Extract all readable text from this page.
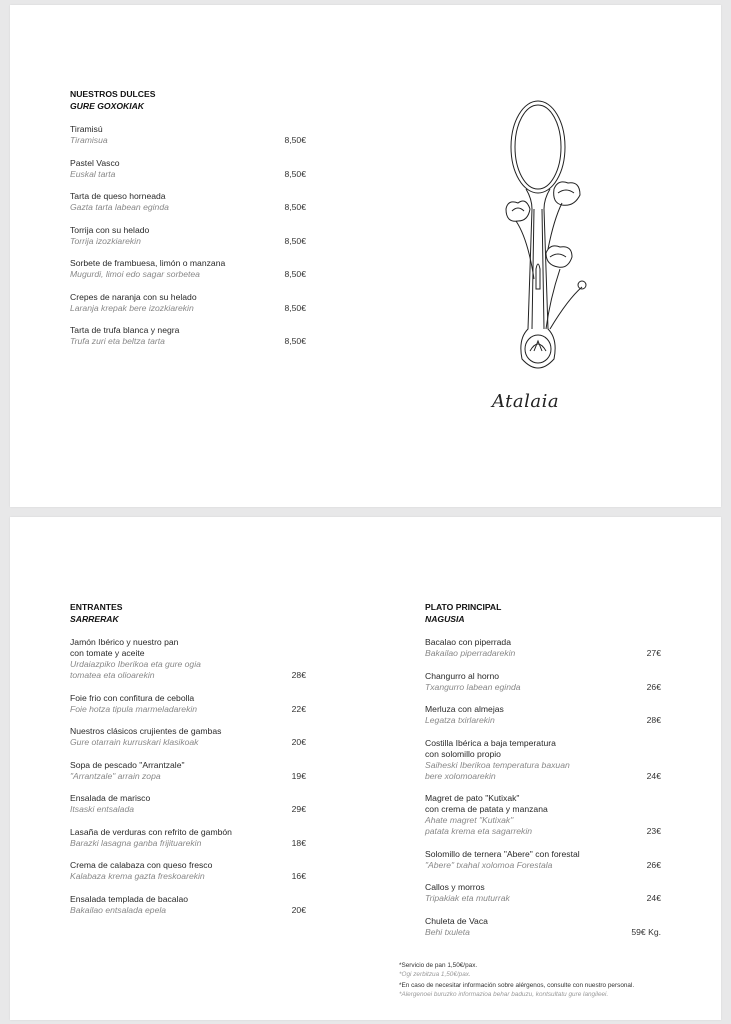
NUESTROS DULCES
GURE GOXOKIAK
Tiramisú
Tiramisua	8,50€
Pastel Vasco
Euskal tarta	8,50€
Tarta de queso horneada
Gazta tarta labean egindа	8,50€
Torrija con su helado
Torrija izozkiarekin	8,50€
Sorbete de frambuesa, limón o manzana
Mugurdi, limoi edo sagar sorbetea	8,50€
Crepes de naranja con su helado
Laranja krepak bere izozkiarekin	8,50€
Tarta de trufa blanca y negra
Trufa zuri eta beltza tarta	8,50€
Atalaia
ENTRANTES
SARRERAK
Jamón Ibérico y nuestro pan
con tomate y aceite
Urdaiazpiko Iberikoa eta gure ogia
tomatea eta olioarekin	28€
Foie frio con confitura de cebolla
Foie hotza tipula marmeladarekin	22€
Nuestros clásicos crujientes de gambas
Gure otarrain kurruskari klasikoak	20€
Sopa de pescado "Arrantzale"
"Arrantzale" arrain zopa	19€
Ensalada de marisco
Itsaski entsalada	29€
Lasaña de verduras con refrito de gambón
Barazki lasagna ganba frijituarekin	18€
Crema de calabaza con queso fresco
Kalabaza krema gazta freskoarekin	16€
Ensalada templada de bacalao
Bakailao entsalada epela	20€
PLATO PRINCIPAL
NAGUSIA
Bacalao con piperrada
Bakailao piperradarekin	27€
Changurro al horno
Txangurro labean egindа	26€
Merluza con almejas
Legatza txirlarekin	28€
Costilla Ibérica a baja temperatura
con solomillo propio
Saiheski Iberikoa temperatura baxuan
bere xolomoarekin	24€
Magret de pato "Kutixak"
con crema de patata y manzana
Ahate magret "Kutixak"
patata krema eta sagarrekin	23€
Solomillo de ternera "Abere" con forestal
"Abere" txahal xolomoa Forestala	26€
Callos y morros
Tripakiak eta muturrak	24€
Chuleta de Vaca
Behi txuleta	59€ Kg.
*Servicio de pan 1,50€/pax.
*Ogi zerbitzua 1,50€/pax.
*En caso de necesitar información sobre alérgenos, consulte con nuestro personal.
*Alergenoei buruzko informazioa behar baduzu, kontsultatu gure langileei.
